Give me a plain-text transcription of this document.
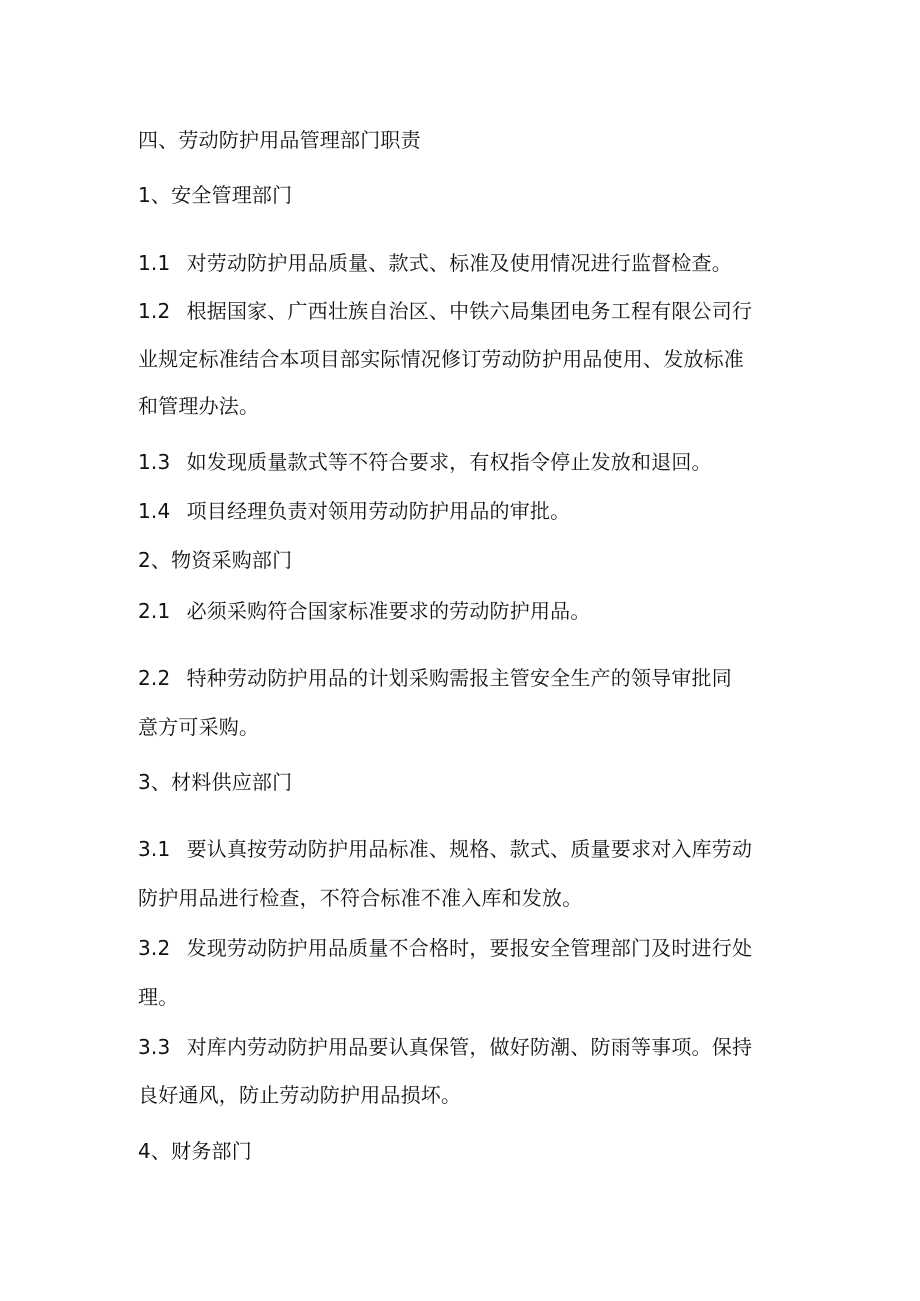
四、劳动防护用品管理部门职责
1、安全管理部门
1.1 对劳动防护用品质量、款式、标准及使用情况进行监督检查。
1.2 根据国家、广西壮族自治区、中铁六局集团电务工程有限公司行
业规定标准结合本项目部实际情况修订劳动防护用品使用、发放标准
和管理办法。
1.3 如发现质量款式等不符合要求，有权指令停止发放和退回。
1.4 项目经理负责对领用劳动防护用品的审批。
2、物资采购部门
2.1 必须采购符合国家标准要求的劳动防护用品。
2.2 特种劳动防护用品的计划采购需报主管安全生产的领导审批同
意方可采购。
3、材料供应部门
3.1 要认真按劳动防护用品标准、规格、款式、质量要求对入库劳动
防护用品进行检查，不符合标准不准入库和发放。
3.2 发现劳动防护用品质量不合格时，要报安全管理部门及时进行处
理。
3.3 对库内劳动防护用品要认真保管，做好防潮、防雨等事项。保持
良好通风，防止劳动防护用品损坏。
4、财务部门
